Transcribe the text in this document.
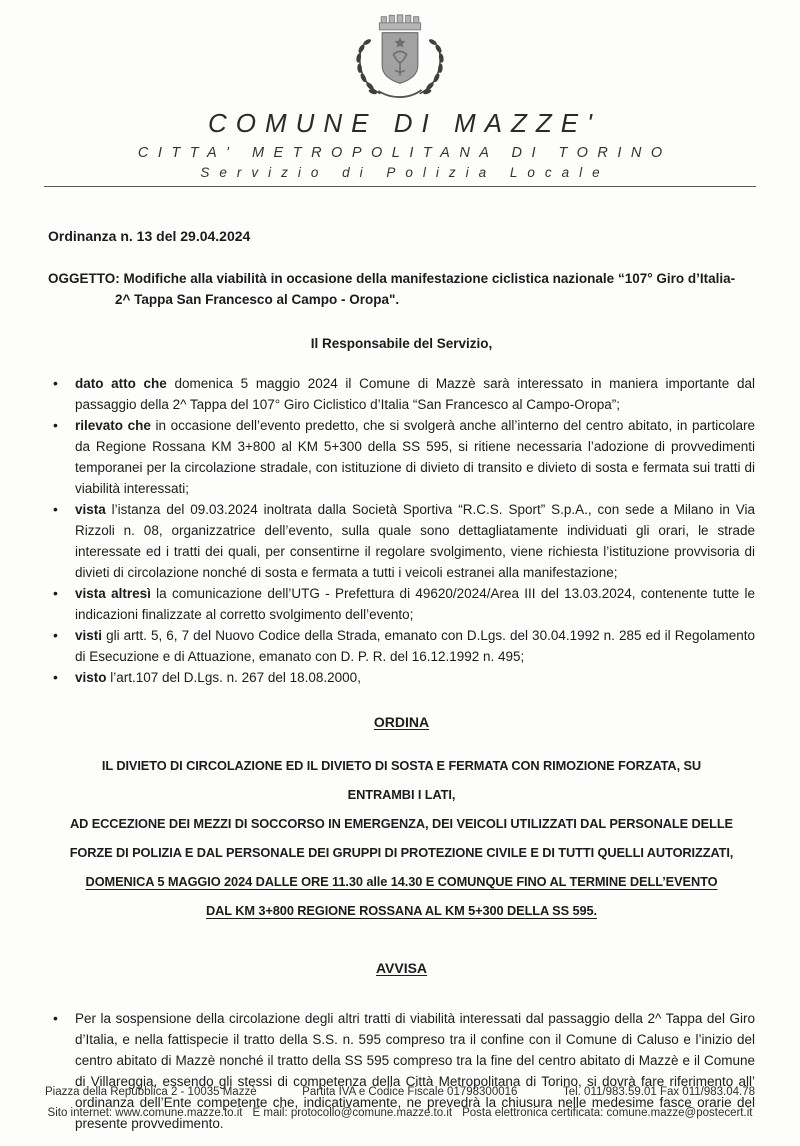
COMUNE DI MAZZE'
CITTA' METROPOLITANA DI TORINO
Servizio di Polizia Locale
Ordinanza n. 13 del 29.04.2024
OGGETTO: Modifiche alla viabilità in occasione della manifestazione ciclistica nazionale “107° Giro d’Italia-
2^ Tappa San Francesco al Campo - Oropa".
Il Responsabile del Servizio,
• dato atto che domenica 5 maggio 2024 il Comune di Mazzè sarà interessato in maniera importante dal passaggio della 2^ Tappa del 107° Giro Ciclistico d’Italia “San Francesco al Campo-Oropa”;
• rilevato che in occasione dell’evento predetto, che si svolgerà anche all’interno del centro abitato, in particolare da Regione Rossana KM 3+800 al KM 5+300 della SS 595, si ritiene necessaria l’adozione di provvedimenti temporanei per la circolazione stradale, con istituzione di divieto di transito e divieto di sosta e fermata sui tratti di viabilità interessati;
• vista l’istanza del 09.03.2024 inoltrata dalla Società Sportiva “R.C.S. Sport” S.p.A., con sede a Milano in Via Rizzoli n. 08, organizzatrice dell’evento, sulla quale sono dettagliatamente individuati gli orari, le strade interessate ed i tratti dei quali, per consentirne il regolare svolgimento, viene richiesta l’istituzione provvisoria di divieti di circolazione nonché di sosta e fermata a tutti i veicoli estranei alla manifestazione;
• vista altresì la comunicazione dell’UTG - Prefettura di 49620/2024/Area III del 13.03.2024, contenente tutte le indicazioni finalizzate al corretto svolgimento dell’evento;
• visti gli artt. 5, 6, 7 del Nuovo Codice della Strada, emanato con D.Lgs. del 30.04.1992 n. 285 ed il Regolamento di Esecuzione e di Attuazione, emanato con D. P. R. del 16.12.1992 n. 495;
• visto l’art.107 del D.Lgs. n. 267 del 18.08.2000,
ORDINA
IL DIVIETO DI CIRCOLAZIONE ED IL DIVIETO DI SOSTA E FERMATA CON RIMOZIONE FORZATA, SU
ENTRAMBI I LATI,
AD ECCEZIONE DEI MEZZI DI SOCCORSO IN EMERGENZA, DEI VEICOLI UTILIZZATI DAL PERSONALE DELLE
FORZE DI POLIZIA E DAL PERSONALE DEI GRUPPI DI PROTEZIONE CIVILE E DI TUTTI QUELLI AUTORIZZATI,
DOMENICA 5 MAGGIO 2024 DALLE ORE 11.30 alle 14.30 E COMUNQUE FINO AL TERMINE DELL’EVENTO
DAL KM 3+800 REGIONE ROSSANA AL KM 5+300 DELLA SS 595.
AVVISA
• Per la sospensione della circolazione degli altri tratti di viabilità interessati dal passaggio della 2^ Tappa del Giro d’Italia, e nella fattispecie il tratto della S.S. n. 595 compreso tra il confine con il Comune di Caluso e l’inizio del centro abitato di Mazzè nonché il tratto della SS 595 compreso tra la fine del centro abitato di Mazzè e il Comune di Villareggia, essendo gli stessi di competenza della Città Metropolitana di Torino, si dovrà fare riferimento all’ ordinanza dell’Ente competente che, indicativamente, ne prevedrà la chiusura nelle medesime fasce orarie del presente provvedimento.
Piazza della Repubblica 2 - 10035 Mazzè	Partita IVA e Codice Fiscale 01798300016	Tel. 011/983.59.01 Fax 011/983.04.78
Sito internet: www.comune.mazze.to.it E mail: protocollo@comune.mazze.to.it Posta elettronica certificata: comune.mazze@postecert.it
